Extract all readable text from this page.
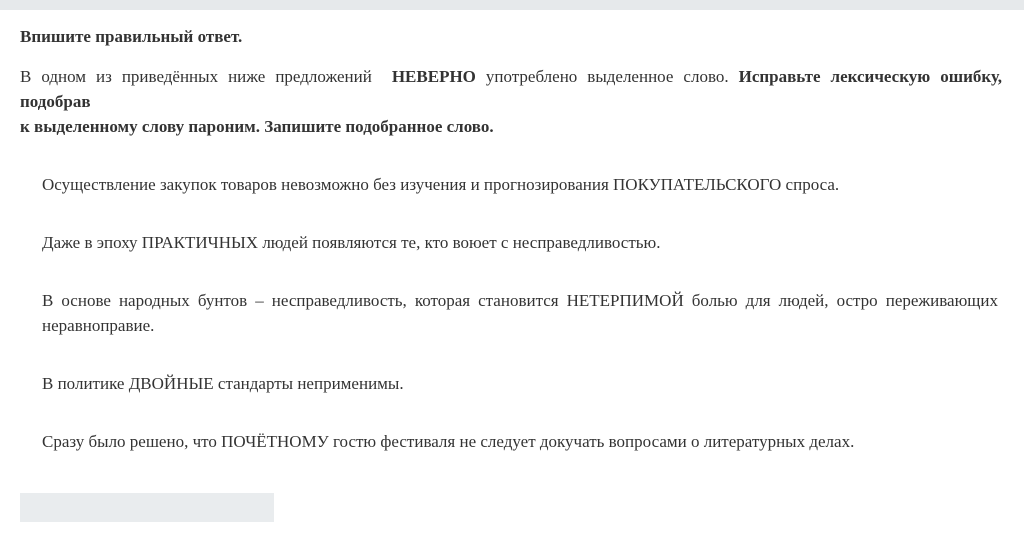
Впишите правильный ответ.

В одном из приведённых ниже предложений  НЕВЕРНО употреблено выделенное слово. Исправьте лексическую ошибку, подобрав
к выделенному слову пароним. Запишите подобранное слово.

Осуществление закупок товаров невозможно без изучения и прогнозирования ПОКУПАТЕЛЬСКОГО спроса.

Даже в эпоху ПРАКТИЧНЫХ людей появляются те, кто воюет с несправедливостью.

В основе народных бунтов – несправедливость, которая становится НЕТЕРПИМОЙ болью для людей, остро переживающих неравноправие.

В политике ДВОЙНЫЕ стандарты неприменимы.

Сразу было решено, что ПОЧЁТНОМУ гостю фестиваля не следует докучать вопросами о литературных делах.
